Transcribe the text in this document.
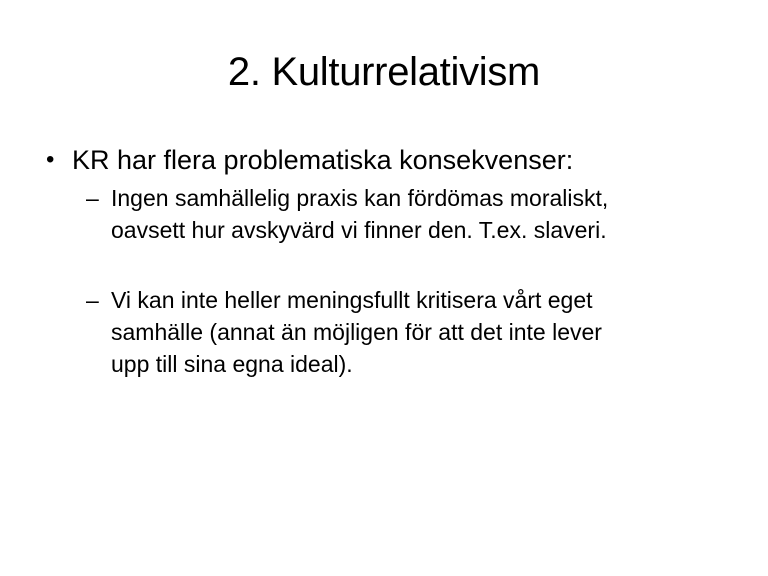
2. Kulturrelativism
• KR har flera problematiska konsekvenser:
– Ingen samhällelig praxis kan fördömas moraliskt,
oavsett hur avskyvärd vi finner den. T.ex. slaveri.
– Vi kan inte heller meningsfullt kritisera vårt eget
samhälle (annat än möjligen för att det inte lever
upp till sina egna ideal).
